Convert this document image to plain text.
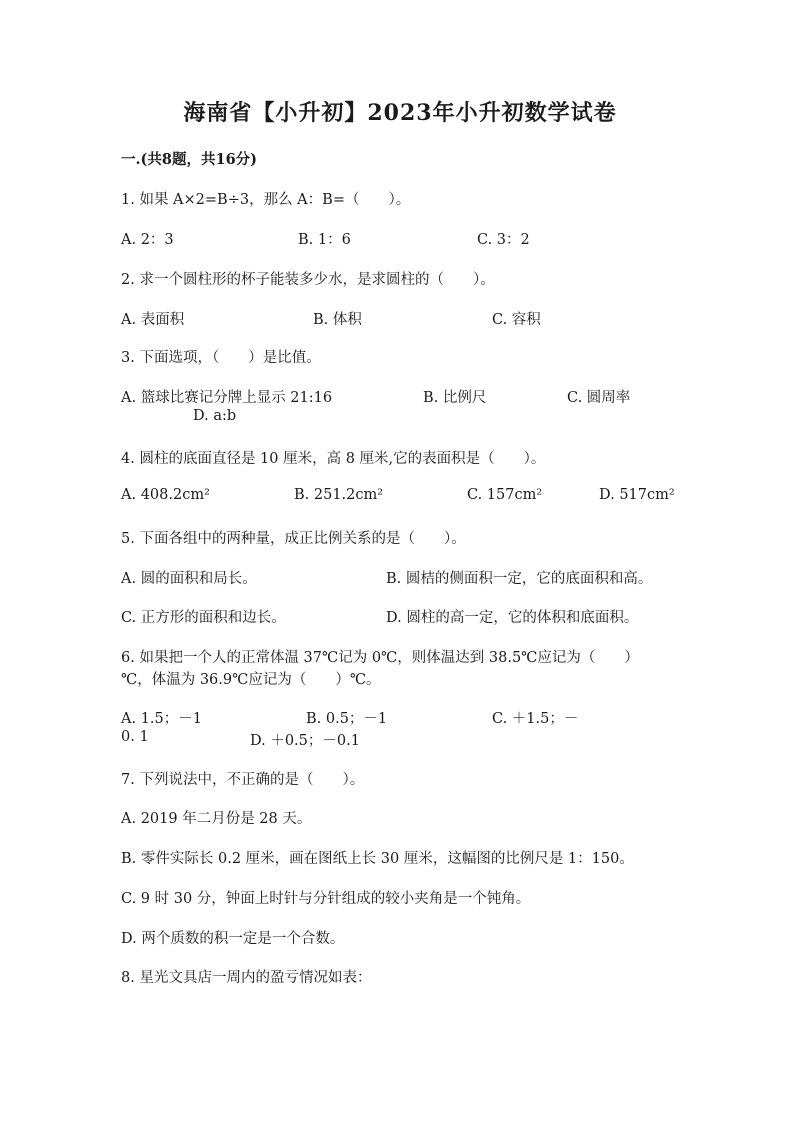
海南省【小升初】2023年小升初数学试卷
一.(共8题，共16分)
1. 如果 A×2=B÷3，那么 A：B=（　　）。
A. 2：3	B. 1：6	C. 3：2
2. 求一个圆柱形的杯子能装多少水，是求圆柱的（　　）。
A. 表面积	B. 体积	C. 容积
3. 下面选项，（　　）是比值。
A. 篮球比赛记分牌上显示 21:16	B. 比例尺	C. 圆周率
D. a:b
4. 圆柱的底面直径是 10 厘米，高 8 厘米,它的表面积是（　　）。
A. 408.2cm²	B. 251.2cm²	C. 157cm²	D. 517cm²
5. 下面各组中的两种量，成正比例关系的是（　　）。
A. 圆的面积和局长。	B. 圆桔的侧面积一定，它的底面积和高。
C. 正方形的面积和边长。	D. 圆柱的高一定，它的体积和底面积。
6. 如果把一个人的正常体温 37℃记为 0℃，则体温达到 38.5℃应记为（　　）
℃，体温为 36.9℃应记为（　　）℃。
A. 1.5；－1	B. 0.5；－1	C. ＋1.5；－
0. 1	D. ＋0.5；－0.1
7. 下列说法中，不正确的是（　　）。
A. 2019 年二月份是 28 天。
B. 零件实际长 0.2 厘米，画在图纸上长 30 厘米，这幅图的比例尺是 1：150。
C. 9 时 30 分，钟面上时针与分针组成的较小夹角是一个钝角。
D. 两个质数的积一定是一个合数。
8. 星光文具店一周内的盈亏情况如表：
